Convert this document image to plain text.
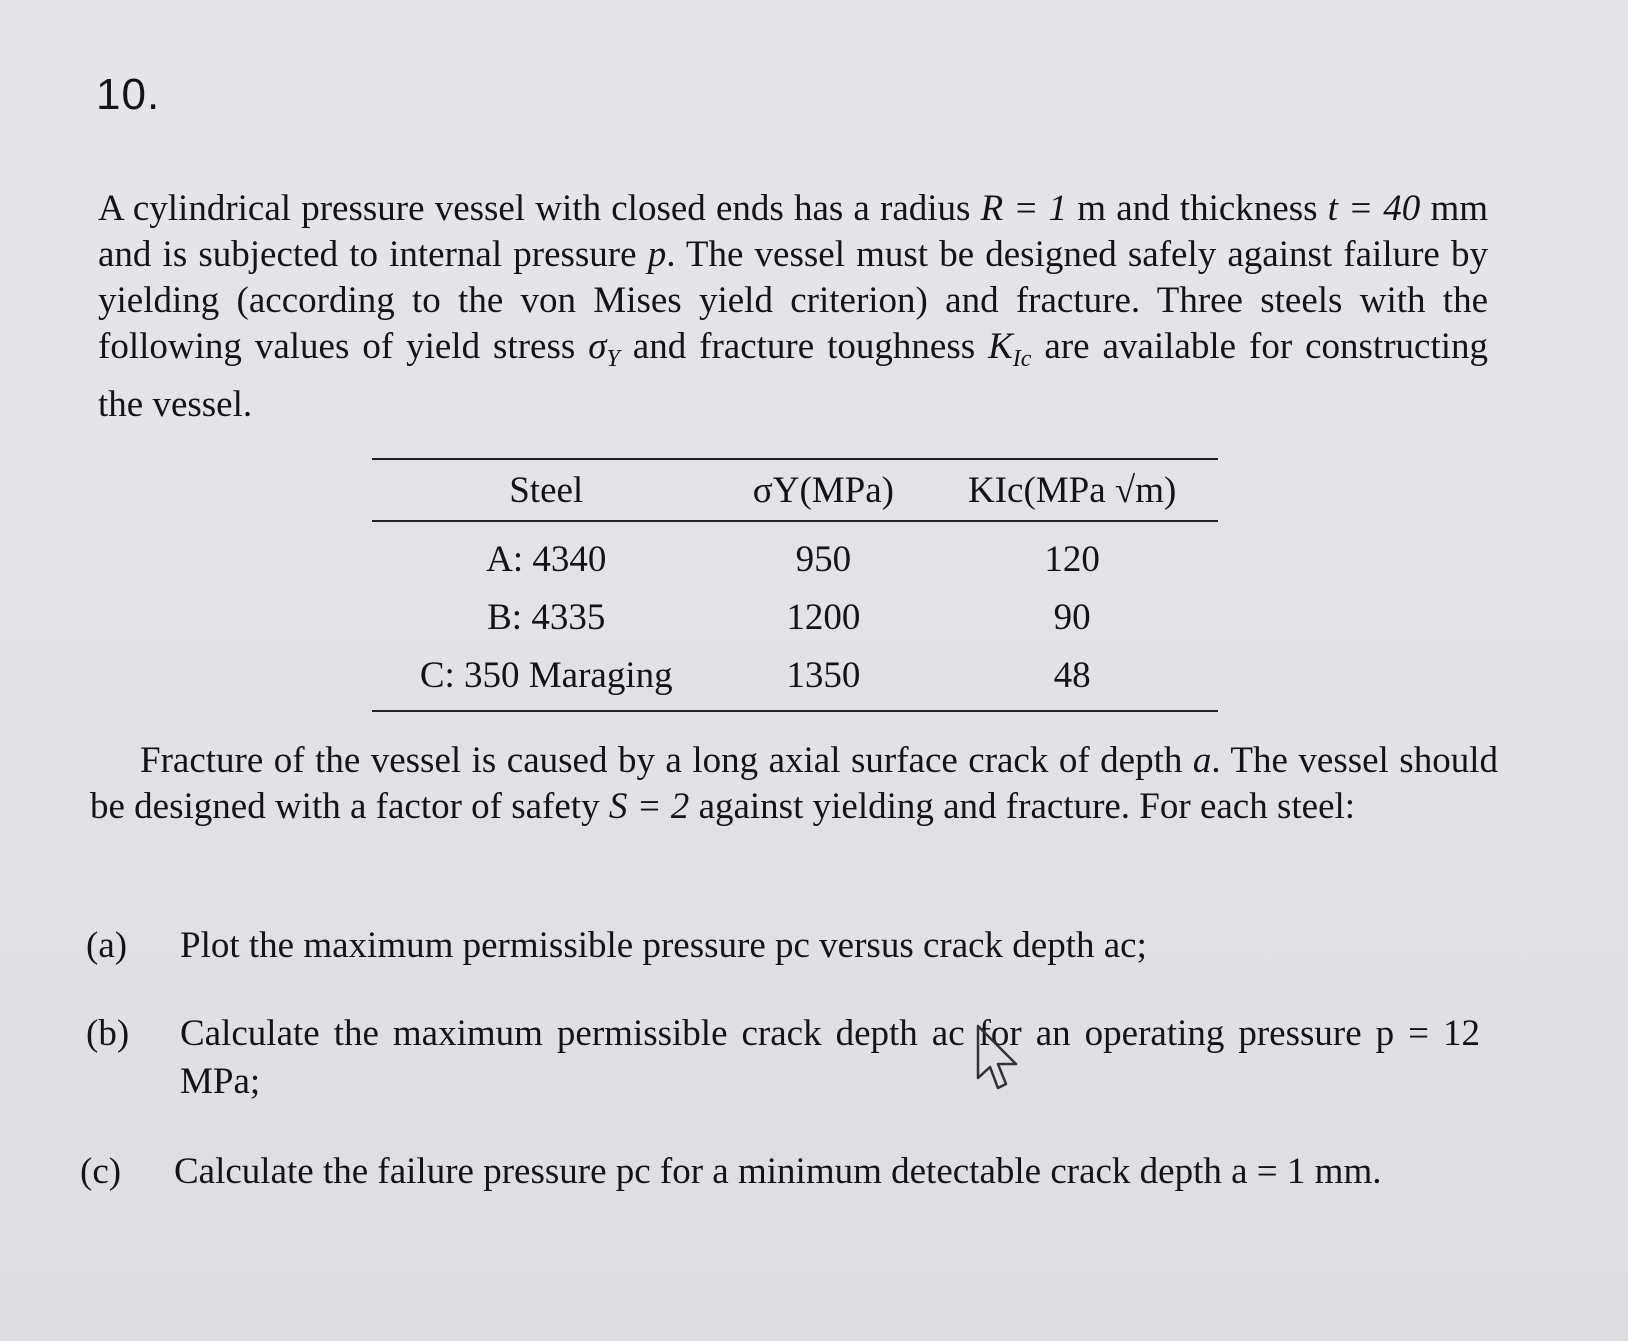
10.

A cylindrical pressure vessel with closed ends has a radius R = 1 m and thickness t = 40 mm and is subjected to internal pressure p. The vessel must be designed safely against failure by yielding (according to the von Mises yield criterion) and fracture. Three steels with the following values of yield stress $\sigma_Y$ and fracture toughness $K_{Ic}$ are available for constructing the vessel.

Steel	σY(MPa)	KIc(MPa √m)
A: 4340	950	120
B: 4335	1200	90
C: 350 Maraging	1350	48

Fracture of the vessel is caused by a long axial surface crack of depth a. The vessel should be designed with a factor of safety S = 2 against yielding and fracture. For each steel:

(a) Plot the maximum permissible pressure pc versus crack depth ac;
(b) Calculate the maximum permissible crack depth ac for an operating pressure p = 12 MPa;
(c) Calculate the failure pressure pc for a minimum detectable crack depth a = 1 mm.
